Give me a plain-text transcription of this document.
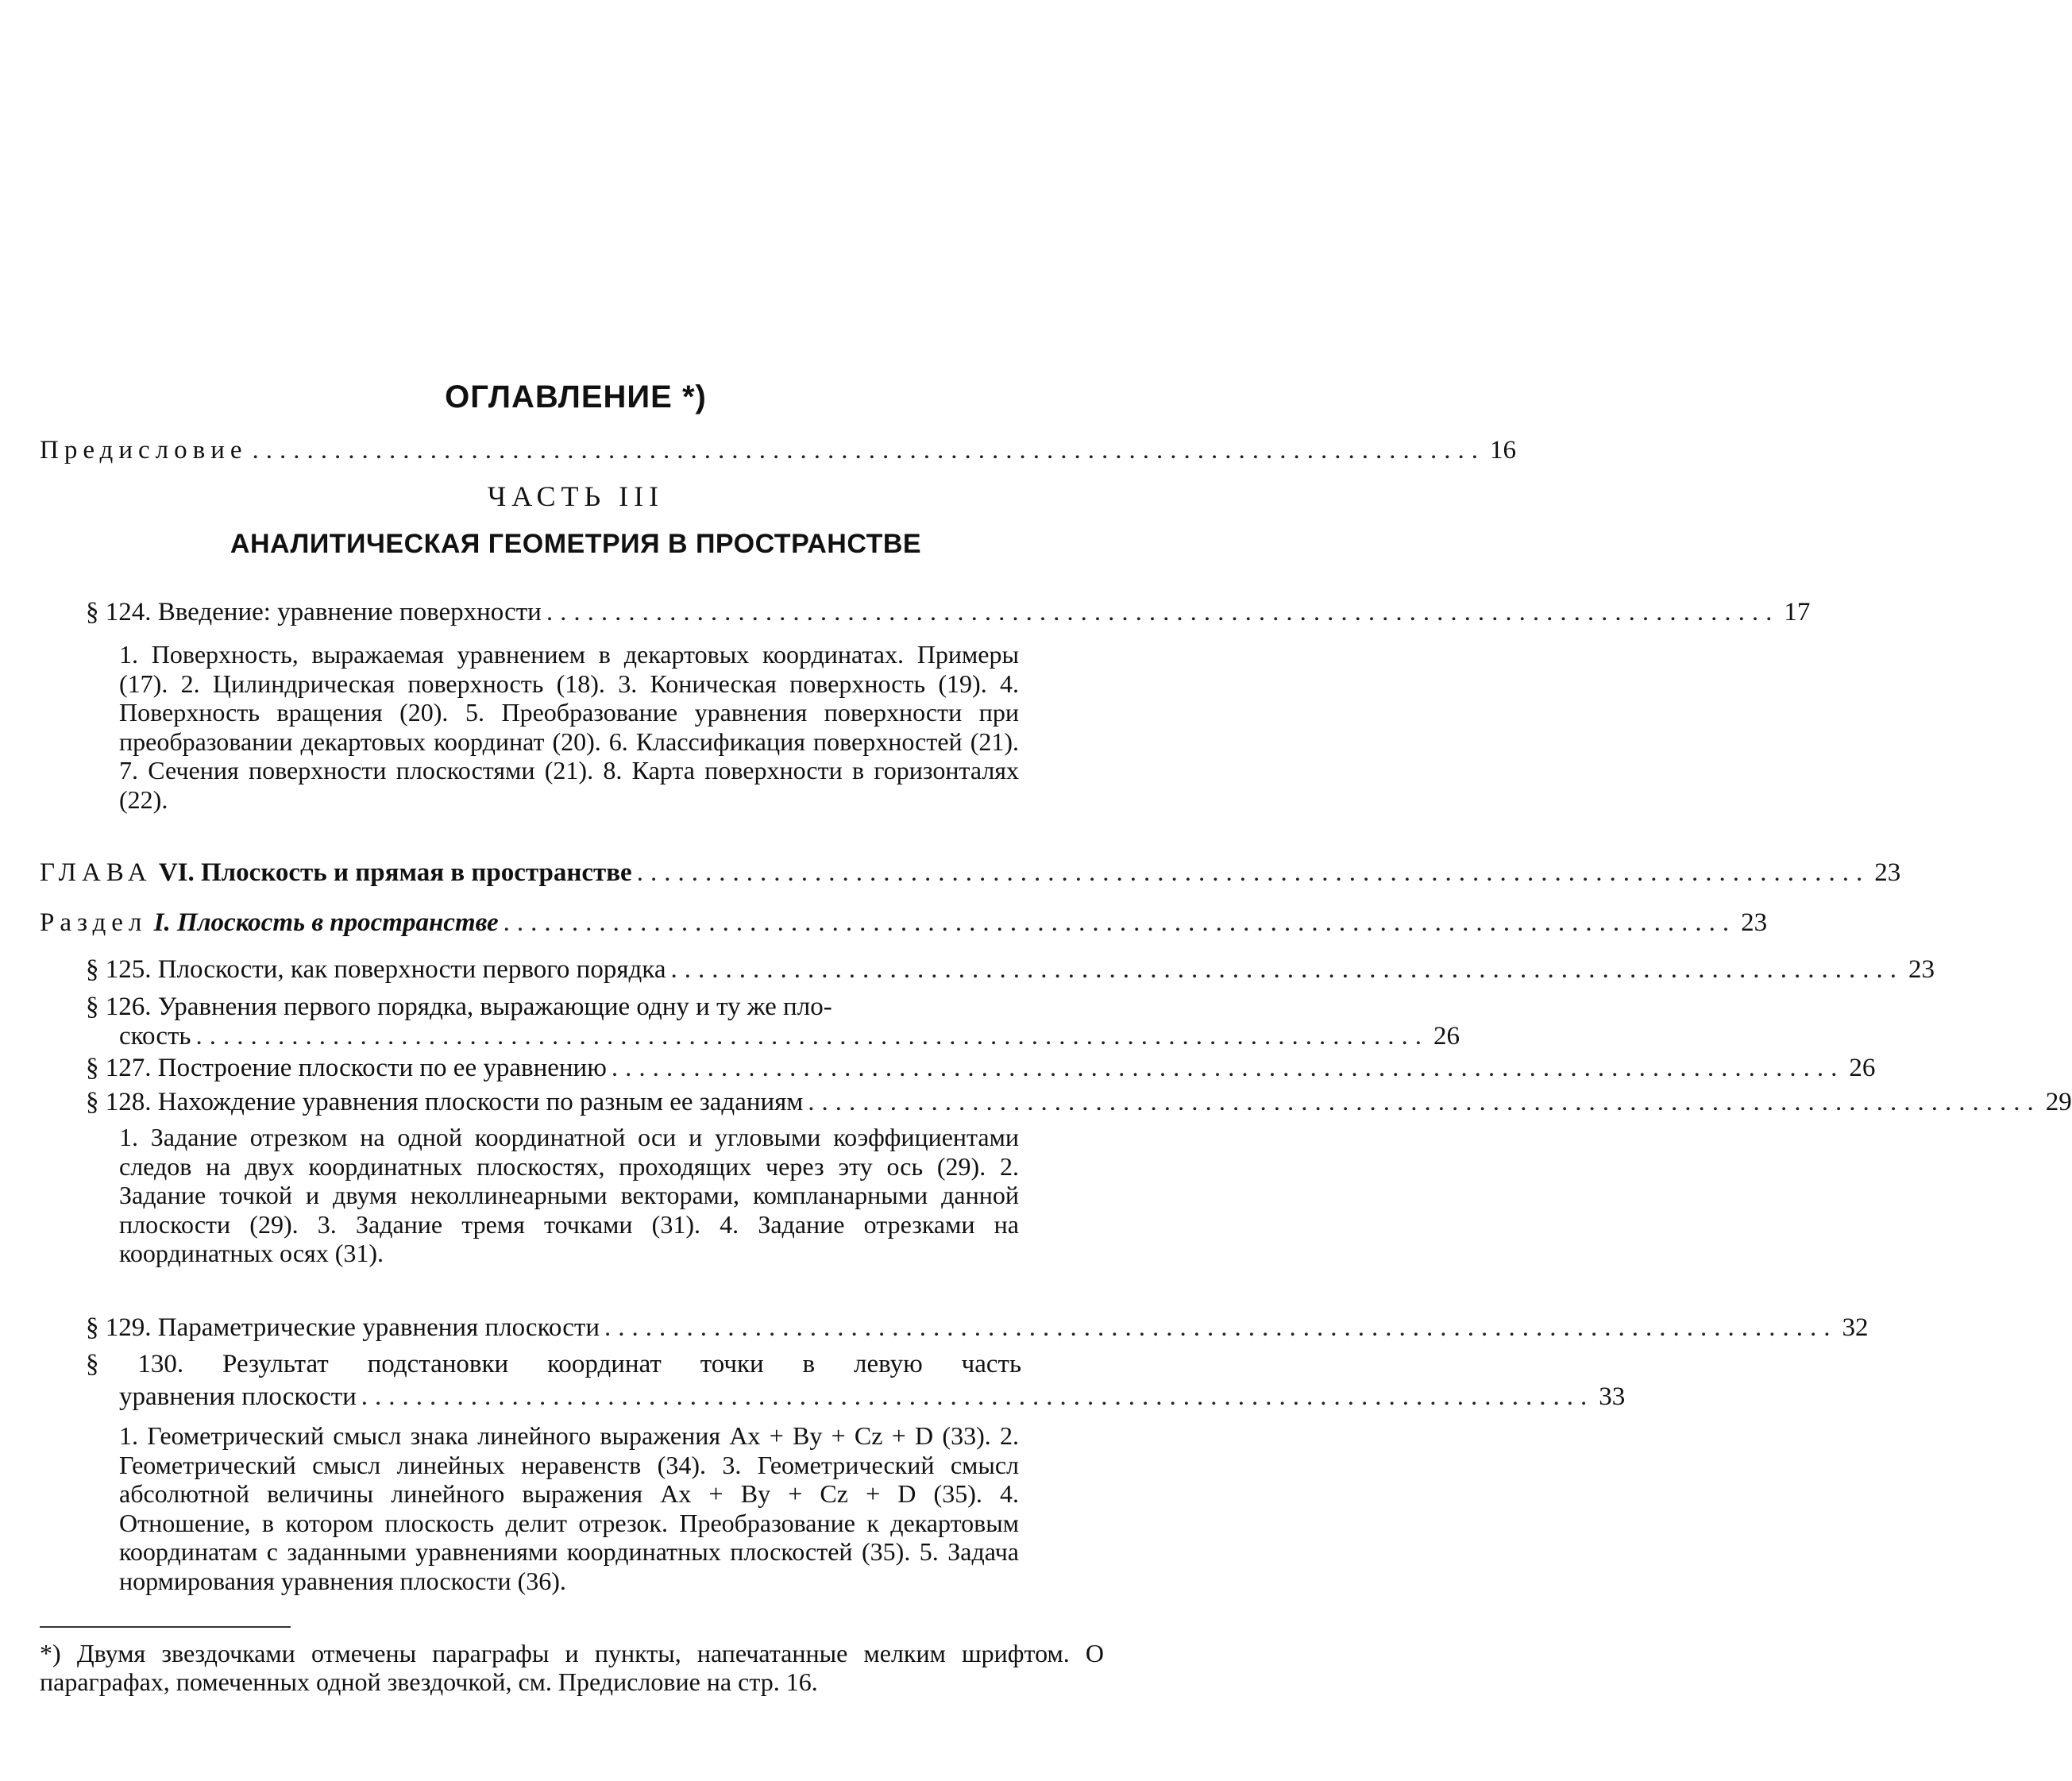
ОГЛАВЛЕНИЕ *)
Предисловие .......................................................................................... 16
ЧАСТЬ III
АНАЛИТИЧЕСКАЯ ГЕОМЕТРИЯ В ПРОСТРАНСТВЕ
§ 124. Введение: уравнение поверхности .......................................................................................... 17
1. Поверхность, выражаемая уравнением в декартовых координатах. Примеры (17). 2. Цилиндрическая поверхность (18). 3. Коническая поверхность (19). 4. Поверхность вращения (20). 5. Преобразование уравнения поверхности при преобразовании декартовых координат (20). 6. Классификация поверхностей (21). 7. Сечения поверхности плоскостями (21). 8. Карта поверхности в горизонталях (22).
ГЛАВА VI. Плоскость и прямая в пространстве .......................................................................................... 23
Раздел I. Плоскость в пространстве .......................................................................................... 23
§ 125. Плоскости, как поверхности первого порядка .......................................................................................... 23
§ 126. Уравнения первого порядка, выражающие одну и ту же пло-
скость .......................................................................................... 26
§ 127. Построение плоскости по ее уравнению .......................................................................................... 26
§ 128. Нахождение уравнения плоскости по разным ее заданиям .......................................................................................... 29
1. Задание отрезком на одной координатной оси и угловыми коэффициентами следов на двух координатных плоскостях, проходящих через эту ось (29). 2. Задание точкой и двумя неколлинеарными векторами, компланарными данной плоскости (29). 3. Задание тремя точками (31). 4. Задание отрезками на координатных осях (31).
§ 129. Параметрические уравнения плоскости .......................................................................................... 32
§ 130. Результат подстановки координат точки в левую часть
уравнения плоскости .......................................................................................... 33
1. Геометрический смысл знака линейного выражения Ax + By + Cz + D (33). 2. Геометрический смысл линейных неравенств (34). 3. Геометрический смысл абсолютной величины линейного выражения Ax + By + Cz + D (35). 4. Отношение, в котором плоскость делит отрезок. Преобразование к декартовым координатам с заданными уравнениями координатных плоскостей (35). 5. Задача нормирования уравнения плоскости (36).
*) Двумя звездочками отмечены параграфы и пункты, напечатанные мелким шрифтом. О параграфах, помеченных одной звездочкой, см. Предисловие на стр. 16.
